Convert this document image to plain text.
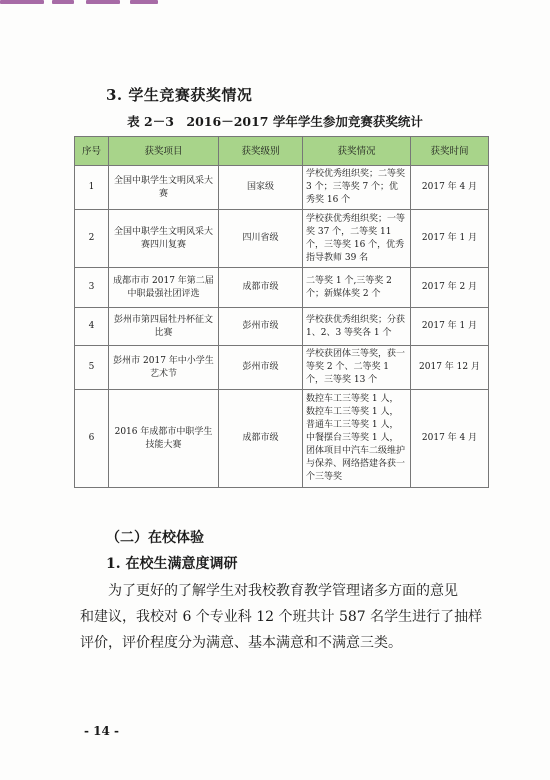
3. 学生竞赛获奖情况
表 2－3　2016－2017 学年学生参加竞赛获奖统计
序号	获奖项目	获奖级别	获奖情况	获奖时间
1	全国中职学生文明风采大赛	国家级	学校优秀组织奖；二等奖 3 个；三等奖 7 个；优秀奖 16 个	2017 年 4 月
2	全国中职学生文明风采大赛四川复赛	四川省级	学校获优秀组织奖；一等奖 37 个，二等奖 11 个，三等奖 16 个，优秀指导教师 39 名	2017 年 1 月
3	成都市市 2017 年第二届中职最强社团评选	成都市级	二等奖 1 个,三等奖 2 个；新媒体奖 2 个	2017 年 2 月
4	彭州市第四届牡丹杯征文比赛	彭州市级	学校获优秀组织奖；分获 1、2、3 等奖各 1 个	2017 年 1 月
5	彭州市 2017 年中小学生艺术节	彭州市级	学校获团体三等奖，获一等奖 2 个、二等奖 1 个，三等奖 13 个	2017 年 12 月
6	2016 年成都市中职学生技能大赛	成都市级	数控车工三等奖 1 人，数控车工三等奖 1 人，普通车工三等奖 1 人，中餐摆台三等奖 1 人，团体项目中汽车二级维护与保养、网络搭建各获一个三等奖	2017 年 4 月
（二）在校体验
1. 在校生满意度调研
　　为了更好的了解学生对我校教育教学管理诸多方面的意见
和建议，我校对 6 个专业科 12 个班共计 587 名学生进行了抽样
评价，评价程度分为满意、基本满意和不满意三类。
- 14 -
